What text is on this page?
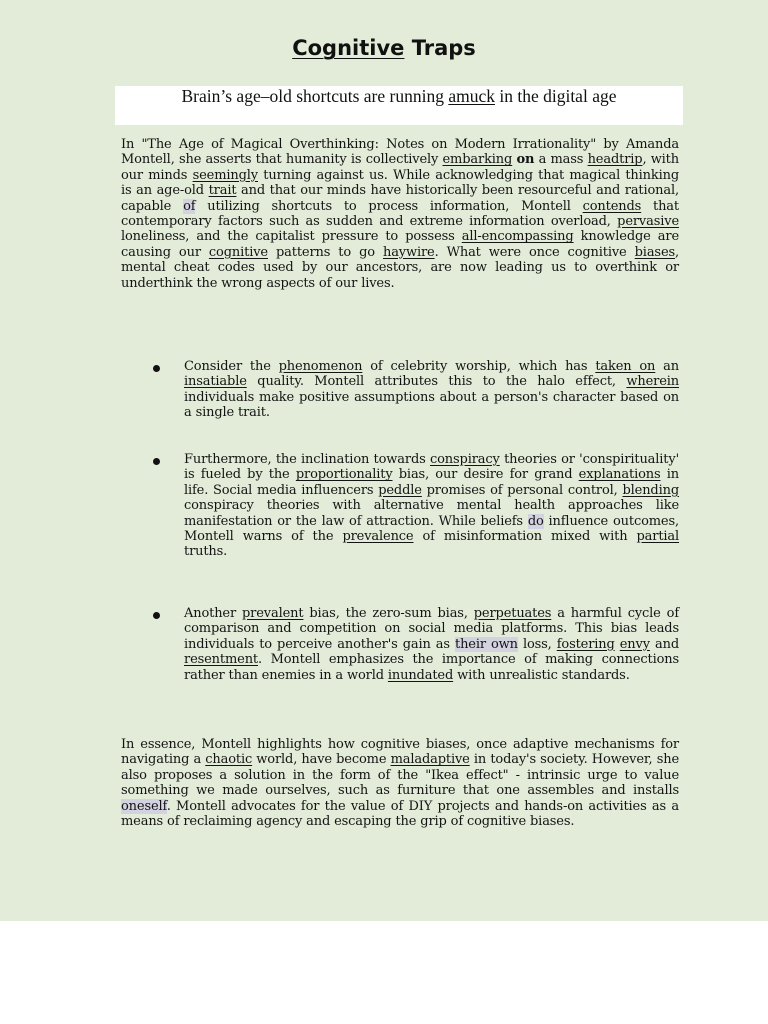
Cognitive Traps
Brain’s age–old shortcuts are running amuck in the digital age
In "The Age of Magical Overthinking: Notes on Modern Irrationality" by Amanda Montell, she asserts that humanity is collectively embarking on a mass headtrip, with our minds seemingly turning against us. While acknowledging that magical thinking is an age-old trait and that our minds have historically been resourceful and rational, capable of utilizing shortcuts to process information, Montell contends that contemporary factors such as sudden and extreme information overload, pervasive loneliness, and the capitalist pressure to possess all-encompassing knowledge are causing our cognitive patterns to go haywire. What were once cognitive biases, mental cheat codes used by our ancestors, are now leading us to overthink or underthink the wrong aspects of our lives.
Consider the phenomenon of celebrity worship, which has taken on an insatiable quality. Montell attributes this to the halo effect, wherein individuals make positive assumptions about a person's character based on a single trait.
Furthermore, the inclination towards conspiracy theories or 'conspirituality' is fueled by the proportionality bias, our desire for grand explanations in life. Social media influencers peddle promises of personal control, blending conspiracy theories with alternative mental health approaches like manifestation or the law of attraction. While beliefs do influence outcomes, Montell warns of the prevalence of misinformation mixed with partial truths.
Another prevalent bias, the zero-sum bias, perpetuates a harmful cycle of comparison and competition on social media platforms. This bias leads individuals to perceive another's gain as their own loss, fostering envy and resentment. Montell emphasizes the importance of making connections rather than enemies in a world inundated with unrealistic standards.
In essence, Montell highlights how cognitive biases, once adaptive mechanisms for navigating a chaotic world, have become maladaptive in today's society. However, she also proposes a solution in the form of the "Ikea effect" - intrinsic urge to value something we made ourselves, such as furniture that one assembles and installs oneself. Montell advocates for the value of DIY projects and hands-on activities as a means of reclaiming agency and escaping the grip of cognitive biases.
